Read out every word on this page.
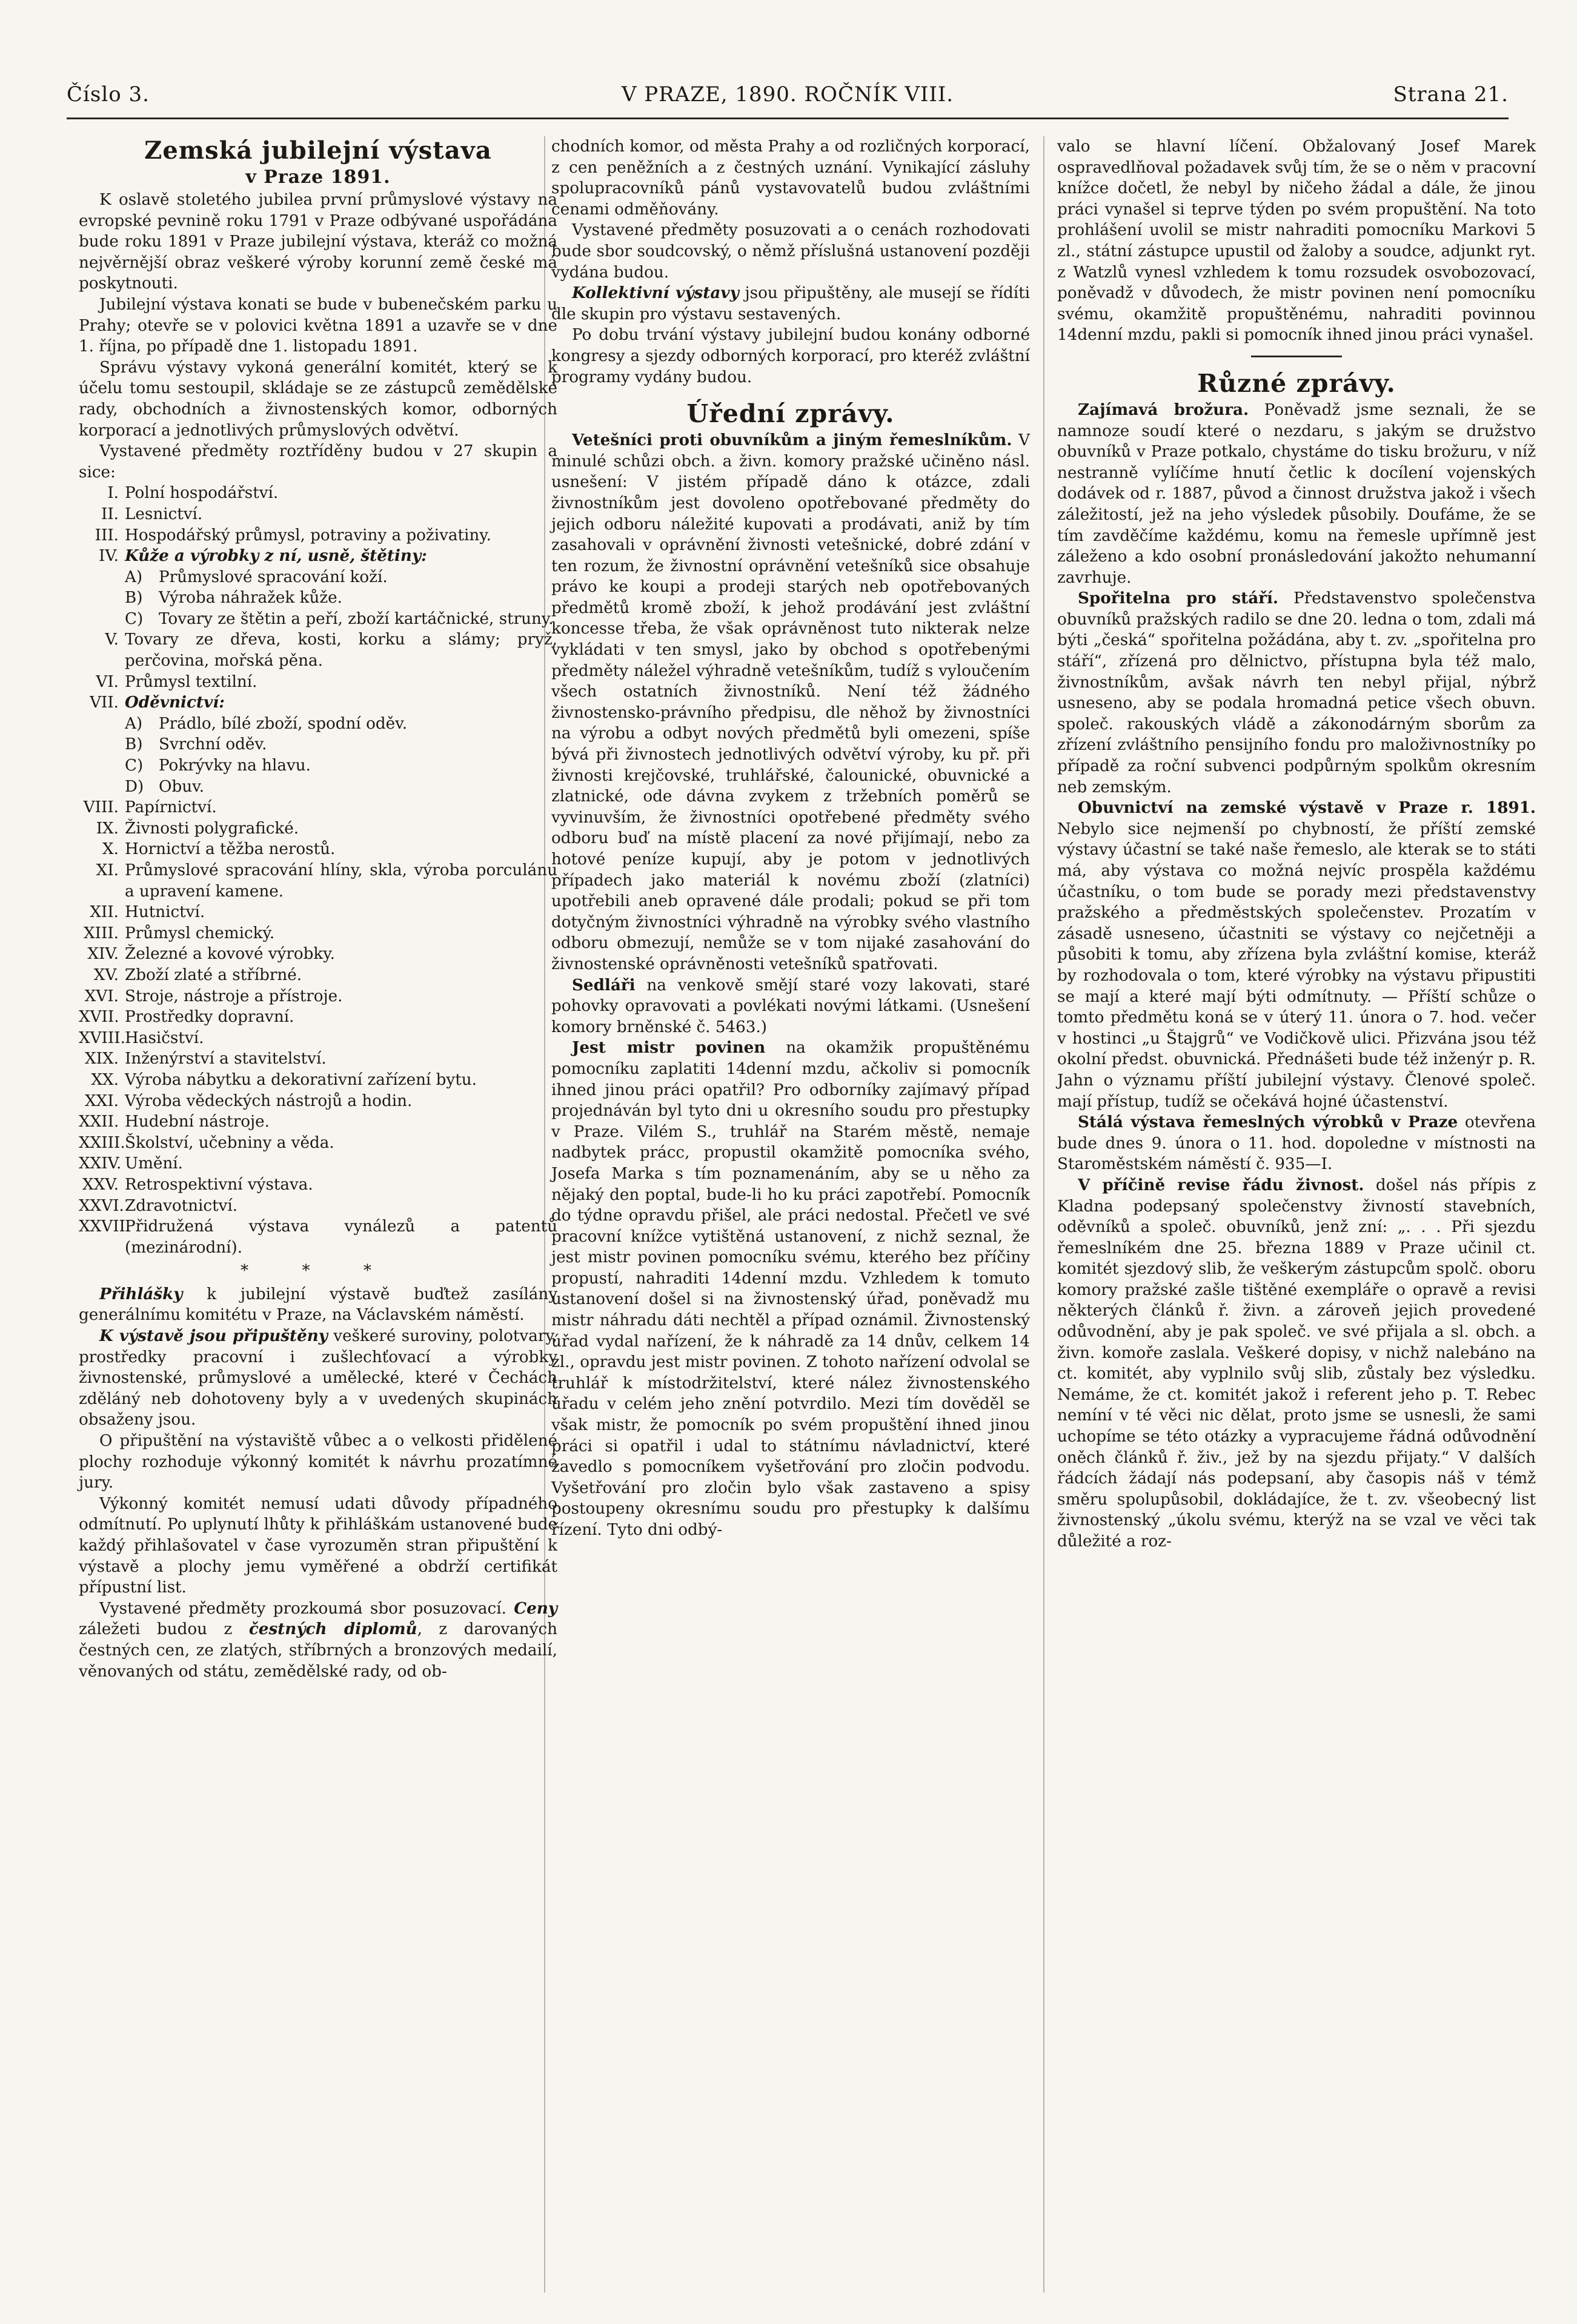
Číslo 3.	V PRAZE, 1890. ROČNÍK VIII.	Strana 21.
Zemská jubilejní výstava
v Praze 1891.

K oslavě stoletého jubilea první průmyslové výstavy na evropské pevnině roku 1791 v Praze odbývané uspořádána bude roku 1891 v Praze jubilejní výstava, kteráž co možná nejvěrnější obraz veškeré výroby korunní země české má poskytnouti.

Jubilejní výstava konati se bude v bubenečském parku u Prahy; otevře se v polovici května 1891 a uzavře se v dne 1. října, po případě dne 1. listopadu 1891.

Správu výstavy vykoná generální komitét, který se k účelu tomu sestoupil, skládaje se ze zástupců zemědělské rady, obchodních a živnostenských komor, odborných korporací a jednotlivých průmyslových odvětví.

Vystavené předměty roztříděny budou v 27 skupin a sice:

I. Polní hospodářství.
II. Lesnictví.
III. Hospodářský průmysl, potraviny a poživatiny.
IV. Kůže a výrobky z ní, usně, štětiny:
A)	Průmyslové spracování koží.
B)	Výroba náhražek kůže.
C) Tovary ze štětin a peří, zboží kartáčnické, struny.
V. Tovary ze dřeva, kosti, korku a slámy; pryž, perčovina, mořská pěna.
VI. Průmysl textilní.
VII. Oděvnictví:
A)	Prádlo, bílé zboží, spodní oděv.
B)	Svrchní oděv.
C) Pokrývky na hlavu.
D) Obuv.
VIII. Papírnictví.
IX. Živnosti polygrafické.
X. Hornictví a těžba nerostů.
XI. Průmyslové spracování hlíny, skla, výroba porculánu a upravení kamene.
XII. Hutnictví.
XIII. Průmysl chemický.
XIV. Železné a kovové výrobky.
XV. Zboží zlaté a stříbrné.
XVI. Stroje, nástroje a přístroje.
XVII. Prostředky dopravní.
XVIII. Hasičství.
XIX. Inženýrství a stavitelství.
XX. Výroba nábytku a dekorativní zařízení bytu.
XXI. Výroba vědeckých nástrojů a hodin.
XXII. Hudební nástroje.
XXIII. Školství, učebniny a věda.
XXIV. Umění.
XXV. Retrospektivní výstava.
XXVI. Zdravotnictví.
XXVII.
Přidružená výstava vynálezů a patentů (mezinárodní).
* * *

Přihlášky k jubilejní výstavě buďtež zasílány generálnímu komitétu v Praze, na Václavském náměstí.

K výstavě jsou připuštěny veškeré suroviny, polotvary, prostředky pracovní i zušlechťovací a výrobky živnostenské, průmyslové a umělecké, které v Čechách zděláný neb dohotoveny byly a v uvedených skupinách obsaženy jsou.

O připuštění na výstaviště vůbec a o velkosti přidělené plochy rozhoduje výkonný komitét k návrhu prozatímné jury.

Výkonný komitét nemusí udati důvody případného odmítnutí. Po uplynutí lhůty k přihláškám ustanovené bude každý přihlašovatel v čase vyrozuměn stran připuštění k výstavě a plochy jemu vyměřené a obdrží certifikát přípustní list.

Vystavené předměty prozkoumá sbor posuzovací. Ceny záležeti budou z čestných diplomů, z darovaných čestných cen, ze zlatých, stříbrných a bronzových medailí, věnovaných od státu, zemědělské rady, od ob-

chodních komor, od města Prahy a od rozličných korporací, z cen peněžních a z čestných uznání. Vynikající zásluhy spolupracovníků pánů vystavovatelů budou zvláštními cenami odměňovány.

Vystavené předměty posuzovati a o cenách rozhodovati bude sbor soudcovský, o němž příslušná ustanovení později vydána budou.

Kollektivní výstavy jsou připuštěny, ale musejí se řídíti dle skupin pro výstavu sestavených.

Po dobu trvání výstavy jubilejní budou konány odborné kongresy a sjezdy odborných korporací, pro kteréž zvláštní programy vydány budou.

Úřední zprávy.

Vetešníci proti obuvníkům a jiným řemeslníkům. V minulé schůzi obch. a živn. komory pražské učiněno násl. usnešení: V jistém případě dáno k otázce, zdali živnostníkům jest dovoleno opotřebované předměty do jejich odboru náležité kupovati a prodávati, aniž by tím zasahovali v oprávnění živnosti vetešnické, dobré zdání v ten rozum, že živnostní oprávnění vetešníků sice obsahuje právo ke koupi a prodeji starých neb opotřebovaných předmětů kromě zboží, k jehož prodávání jest zvláštní koncesse třeba, že však oprávněnost tuto nikterak nelze vykládati v ten smysl, jako by obchod s opotřebenými předměty náležel výhradně vetešníkům, tudíž s vyloučením všech ostatních živnostníků. Není též žádného živnostensko-právního předpisu, dle něhož by živnostníci na výrobu a odbyt nových předmětů byli omezeni, spíše bývá při živnostech jednotlivých odvětví výroby, ku př. při živnosti krejčovské, truhlářské, čalounické, obuvnické a zlatnické, ode dávna zvykem z tržebních poměrů se vyvinuvším, že živnostníci opotřebené předměty svého odboru buď na místě placení za nové přijímají, nebo za hotové peníze kupují, aby je potom v jednotlivých případech jako materiál k novému zboží (zlatníci) upotřebili aneb opravené dále prodali; pokud se při tom dotyčným živnostníci výhradně na výrobky svého vlastního odboru obmezují, nemůže se v tom nijaké zasahování do živnostenské oprávněnosti vetešníků spatřovati.

Sedláři na venkově smějí staré vozy lakovati, staré pohovky opravovati a povlékati novými látkami. (Usnešení komory brněnské č. 5463.)

Jest mistr povinen na okamžik propuštěnému pomocníku zaplatiti 14denní mzdu, ačkoliv si pomocník ihned jinou práci opatřil? Pro odborníky zajímavý případ projednáván byl tyto dni u okresního soudu pro přestupky v Praze. Vilém S., truhlář na Starém městě, nemaje nadbytek prácc, propustil okamžitě pomocníka svého, Josefa Marka s tím poznamenáním, aby se u něho za nějaký den poptal, bude-li ho ku práci zapotřebí. Pomocník do týdne opravdu přišel, ale práci nedostal. Přečetl ve své pracovní knížce vytištěná ustanovení, z nichž seznal, že jest mistr povinen pomocníku svému, kterého bez příčiny propustí, nahraditi 14denní mzdu. Vzhledem k tomuto ustanovení došel si na živnostenský úřad, poněvadž mu mistr náhradu dáti nechtěl a případ oznámil. Živnostenský úřad vydal nařízení, že k náhradě za 14 dnův, celkem 14 zl., opravdu jest mistr povinen. Z tohoto nařízení odvolal se truhlář k místodržitelství, které nález živnostenského úřadu v celém jeho znění potvrdilo. Mezi tím dověděl se však mistr, že pomocník po svém propuštění ihned jinou práci si opatřil i udal to státnímu návladnictví, které zavedlo s pomocníkem vyšetřování pro zločin podvodu. Vyšetřování pro zločin bylo však zastaveno a spisy postoupeny okresnímu soudu pro přestupky k dalšímu řízení. Tyto dni odbý-

valo se hlavní líčení. Obžalovaný Josef Marek ospravedlňoval požadavek svůj tím, že se o něm v pracovní knížce dočetl, že nebyl by ničeho žádal a dále, že jinou práci vynašel si teprve týden po svém propuštění. Na toto prohlášení uvolil se mistr nahraditi pomocníku Markovi 5 zl., státní zástupce upustil od žaloby a soudce, adjunkt ryt. z Watzlů vynesl vzhledem k tomu rozsudek osvobozovací, poněvadž v důvodech, že mistr povinen není pomocníku svému, okamžitě propuštěnému, nahraditi povinnou 14denní mzdu, pakli si pomocník ihned jinou práci vynašel.

Různé zprávy.

Zajímavá brožura. Poněvadž jsme seznali, že se namnoze soudí které o nezdaru, s jakým se družstvo obuvníků v Praze potkalo, chystáme do tisku brožuru, v níž nestranně vylíčíme hnutí četlic k docílení vojenských dodávek od r. 1887, původ a činnost družstva jakož i všech záležitostí, jež na jeho výsledek působily. Doufáme, že se tím zavděčíme každému, komu na řemesle upřímně jest záleženo a kdo osobní pronásledování jakožto nehumanní zavrhuje.

Spořitelna pro stáří. Představenstvo společenstva obuvníků pražských radilo se dne 20. ledna o tom, zdali má býti „česká“ spořitelna požádána, aby t. zv. „spořitelna pro stáří“, zřízená pro dělnictvo, přístupna byla též malo, živnostníkům, avšak návrh ten nebyl přijal, nýbrž usneseno, aby se podala hromadná petice všech obuvn. společ. rakouských vládě a zákonodárným sborům za zřízení zvláštního pensijního fondu pro maloživnostníky po případě za roční subvenci podpůrným spolkům okresním neb zemským.

Obuvnictví na zemské výstavě v Praze r. 1891. Nebylo sice nejmenší po chybností, že příští zemské výstavy účastní se také naše řemeslo, ale kterak se to státi má, aby výstava co možná nejvíc prospěla každému účastníku, o tom bude se porady mezi představenstvy pražského a předměstských společenstev. Prozatím v zásadě usneseno, účastniti se výstavy co nejčetněji a působiti k tomu, aby zřízena byla zvláštní komise, kteráž by rozhodovala o tom, které výrobky na výstavu připustiti se mají a které mají býti odmítnuty. — Příští schůze o tomto předmětu koná se v úterý 11. února o 7. hod. večer v hostinci „u Štajgrů“ ve Vodičkově ulici. Přizvána jsou též okolní předst. obuvnická. Přednášeti bude též inženýr p. R. Jahn o významu příští jubilejní výstavy. Členové společ. mají přístup, tudíž se očekává hojné účastenství.

Stálá výstava řemeslných výrobků v Praze otevřena bude dnes 9. února o 11. hod. dopoledne v místnosti na Staroměstském náměstí č. 935—I.

V příčině revise řádu živnost. došel nás přípis z Kladna podepsaný společenstvy živností stavebních, oděvníků a společ. obuvníků, jenž zní: „. . . Při sjezdu řemeslníkém dne 25. března 1889 v Praze učinil ct. komitét sjezdový slib, že veškerým zástupcům spolč. oboru komory pražské zašle tištěné exempláře o opravě a revisi některých článků ř. živn. a zároveň jejich provedené odůvodnění, aby je pak společ. ve své přijala a sl. obch. a živn. komoře zaslala. Veškeré dopisy, v nichž nalebáno na ct. komitét, aby vyplnilo svůj slib, zůstaly bez výsledku. Nemáme, že ct. komitét jakož i referent jeho p. T. Rebec nemíní v té věci nic dělat, proto jsme se usnesli, že sami uchopíme se této otázky a vypracujeme řádná odůvodnění oněch článků ř. živ., jež by na sjezdu přijaty.“ V dalších řádcích žádají nás podepsaní, aby časopis náš v témž směru spolupůsobil, dokládajíce, že t. zv. všeobecný list živnostenský „úkolu svému, kterýž na se vzal ve věci tak důležité a roz-
